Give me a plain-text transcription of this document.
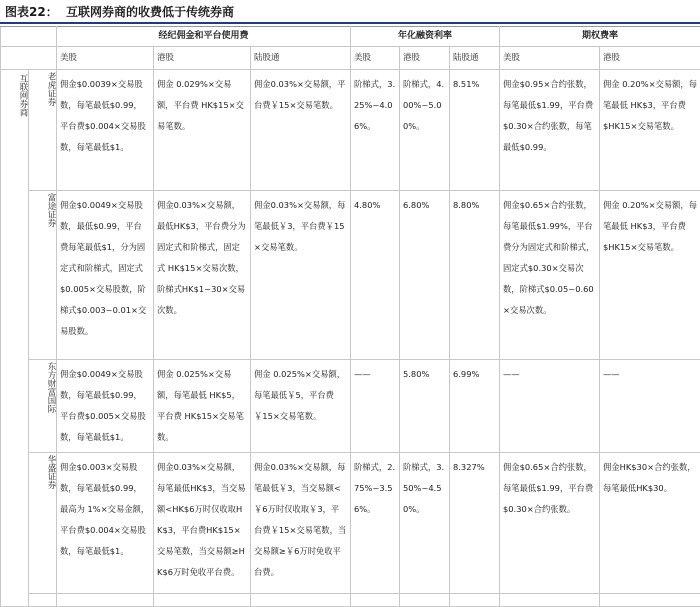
图表22： 互联网券商的收费低于传统券商
		经纪佣金和平台使用费			年化融资利率			期权费率	
		美股	港股	陆股通	美股	港股	陆股通	美股	港股
互联网券商	老虎证券	佣金$0.0039×交易股数，每笔最低$0.99，平台费$0.004×交易股数，每笔最低$1。	佣金 0.029%×交易额，平台费 HK$15×交易笔数。	佣金0.03%×交易额，平台费￥15×交易笔数。	阶梯式，3.25%~4.06%。	阶梯式，4.00%~5.00%。	8.51%	佣金$0.95×合约张数，每笔最低$1.99，平台费$0.30×合约张数，每笔最低$0.99。	佣金 0.20%×交易额，每笔最低 HK$3，平台费$HK15×交易笔数。
	富途证券	佣金$0.0049×交易股数，最低$0.99，平台费每笔最低$1，分为固定式和阶梯式，固定式$0.005×交易股数，阶梯式$0.003~0.01×交易股数。	佣金0.03%×交易额，最低HK$3，平台费分为固定式和阶梯式，固定式 HK$15×交易次数，阶梯式HK$1~30×交易次数。	佣金0.03%×交易额，每笔最低￥3，平台费￥15×交易笔数。	4.80%	6.80%	8.80%	佣金$0.65×合约张数，每笔最低$1.99%，平台费分为固定式和阶梯式，固定式$0.30×交易次数，阶梯式$0.05~0.60×交易次数。	佣金 0.20%×交易额，每笔最低 HK$3，平台费$HK15×交易笔数。
	东方财富国际	佣金$0.0049×交易股数，每笔最低$0.99，平台费$0.005×交易股数，每笔最低$1。	佣金 0.025%×交易额，每笔最低 HK$5，平台费 HK$15×交易笔数。	佣金 0.025%×交易额，每笔最低￥5，平台费￥15×交易笔数。	——	5.80%	6.99%	——	——
	华盛证券	佣金$0.003×交易股数，每笔最低$0.99，最高为 1%×交易金额，平台费$0.004×交易股数，每笔最低$1。	佣金0.03%×交易额，每笔最低HK$3，当交易额<HK$6万时仅收取HK$3，平台费HK$15×交易笔数，当交易额≥HK$6万时免收平台费。	佣金0.03%×交易额，每笔最低￥3，当交易额<￥6万时仅收取￥3，平台费￥15×交易笔数，当交易额≥￥6万时免收平台费。	阶梯式，2.75%~3.56%。	阶梯式，3.50%~4.50%。	8.327%	佣金$0.65×合约张数，每笔最低$1.99，平台费$0.30×合约张数。	佣金HK$30×合约张数，每笔最低HK$30。
